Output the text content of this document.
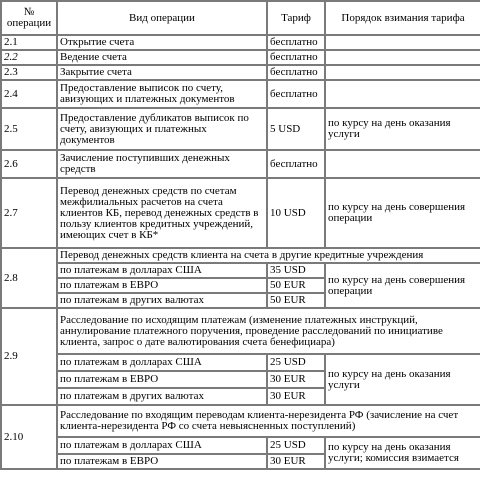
№ операции	Вид операции	Тариф	Порядок взимания тарифа
2.1	Открытие счета	бесплатно	
2.2	Ведение счета	бесплатно	
2.3	Закрытие счета	бесплатно	
2.4	Предоставление выписок по счету, авизующих и платежных документов	бесплатно	
2.5	Предоставление дубликатов выписок по счету, авизующих и платежных документов	5 USD	по курсу на день оказания услуги
2.6	Зачисление поступивших денежных средств	бесплатно	
2.7	Перевод денежных средств по счетам межфилиальных расчетов на счета клиентов КБ, перевод денежных средств в пользу клиентов кредитных учреждений, имеющих счет в КБ*	10 USD	по курсу на день совершения операции
2.8	Перевод денежных средств клиента на счета в другие кредитные учреждения		
	по платежам в долларах США	35 USD	по курсу на день совершения операции
	по платежам в ЕВРО	50 EUR	
	по платежам в других валютах	50 EUR	
2.9	Расследование по исходящим платежам (изменение платежных инструкций, аннулирование платежного поручения, проведение расследований по инициативе клиента, запрос о дате валютирования счета бенефициара)		
	по платежам в долларах США	25 USD	по курсу на день оказания услуги
	по платежам в ЕВРО	30 EUR	
	по платежам в других валютах	30 EUR	
2.10	Расследование по входящим переводам клиента-нерезидента РФ (зачисление на счет клиента-нерезидента РФ со счета невыясненных поступлений)		
	по платежам в долларах США	25 USD	по курсу на день оказания услуги; комиссия взимается
	по платежам в ЕВРО	30 EUR	
